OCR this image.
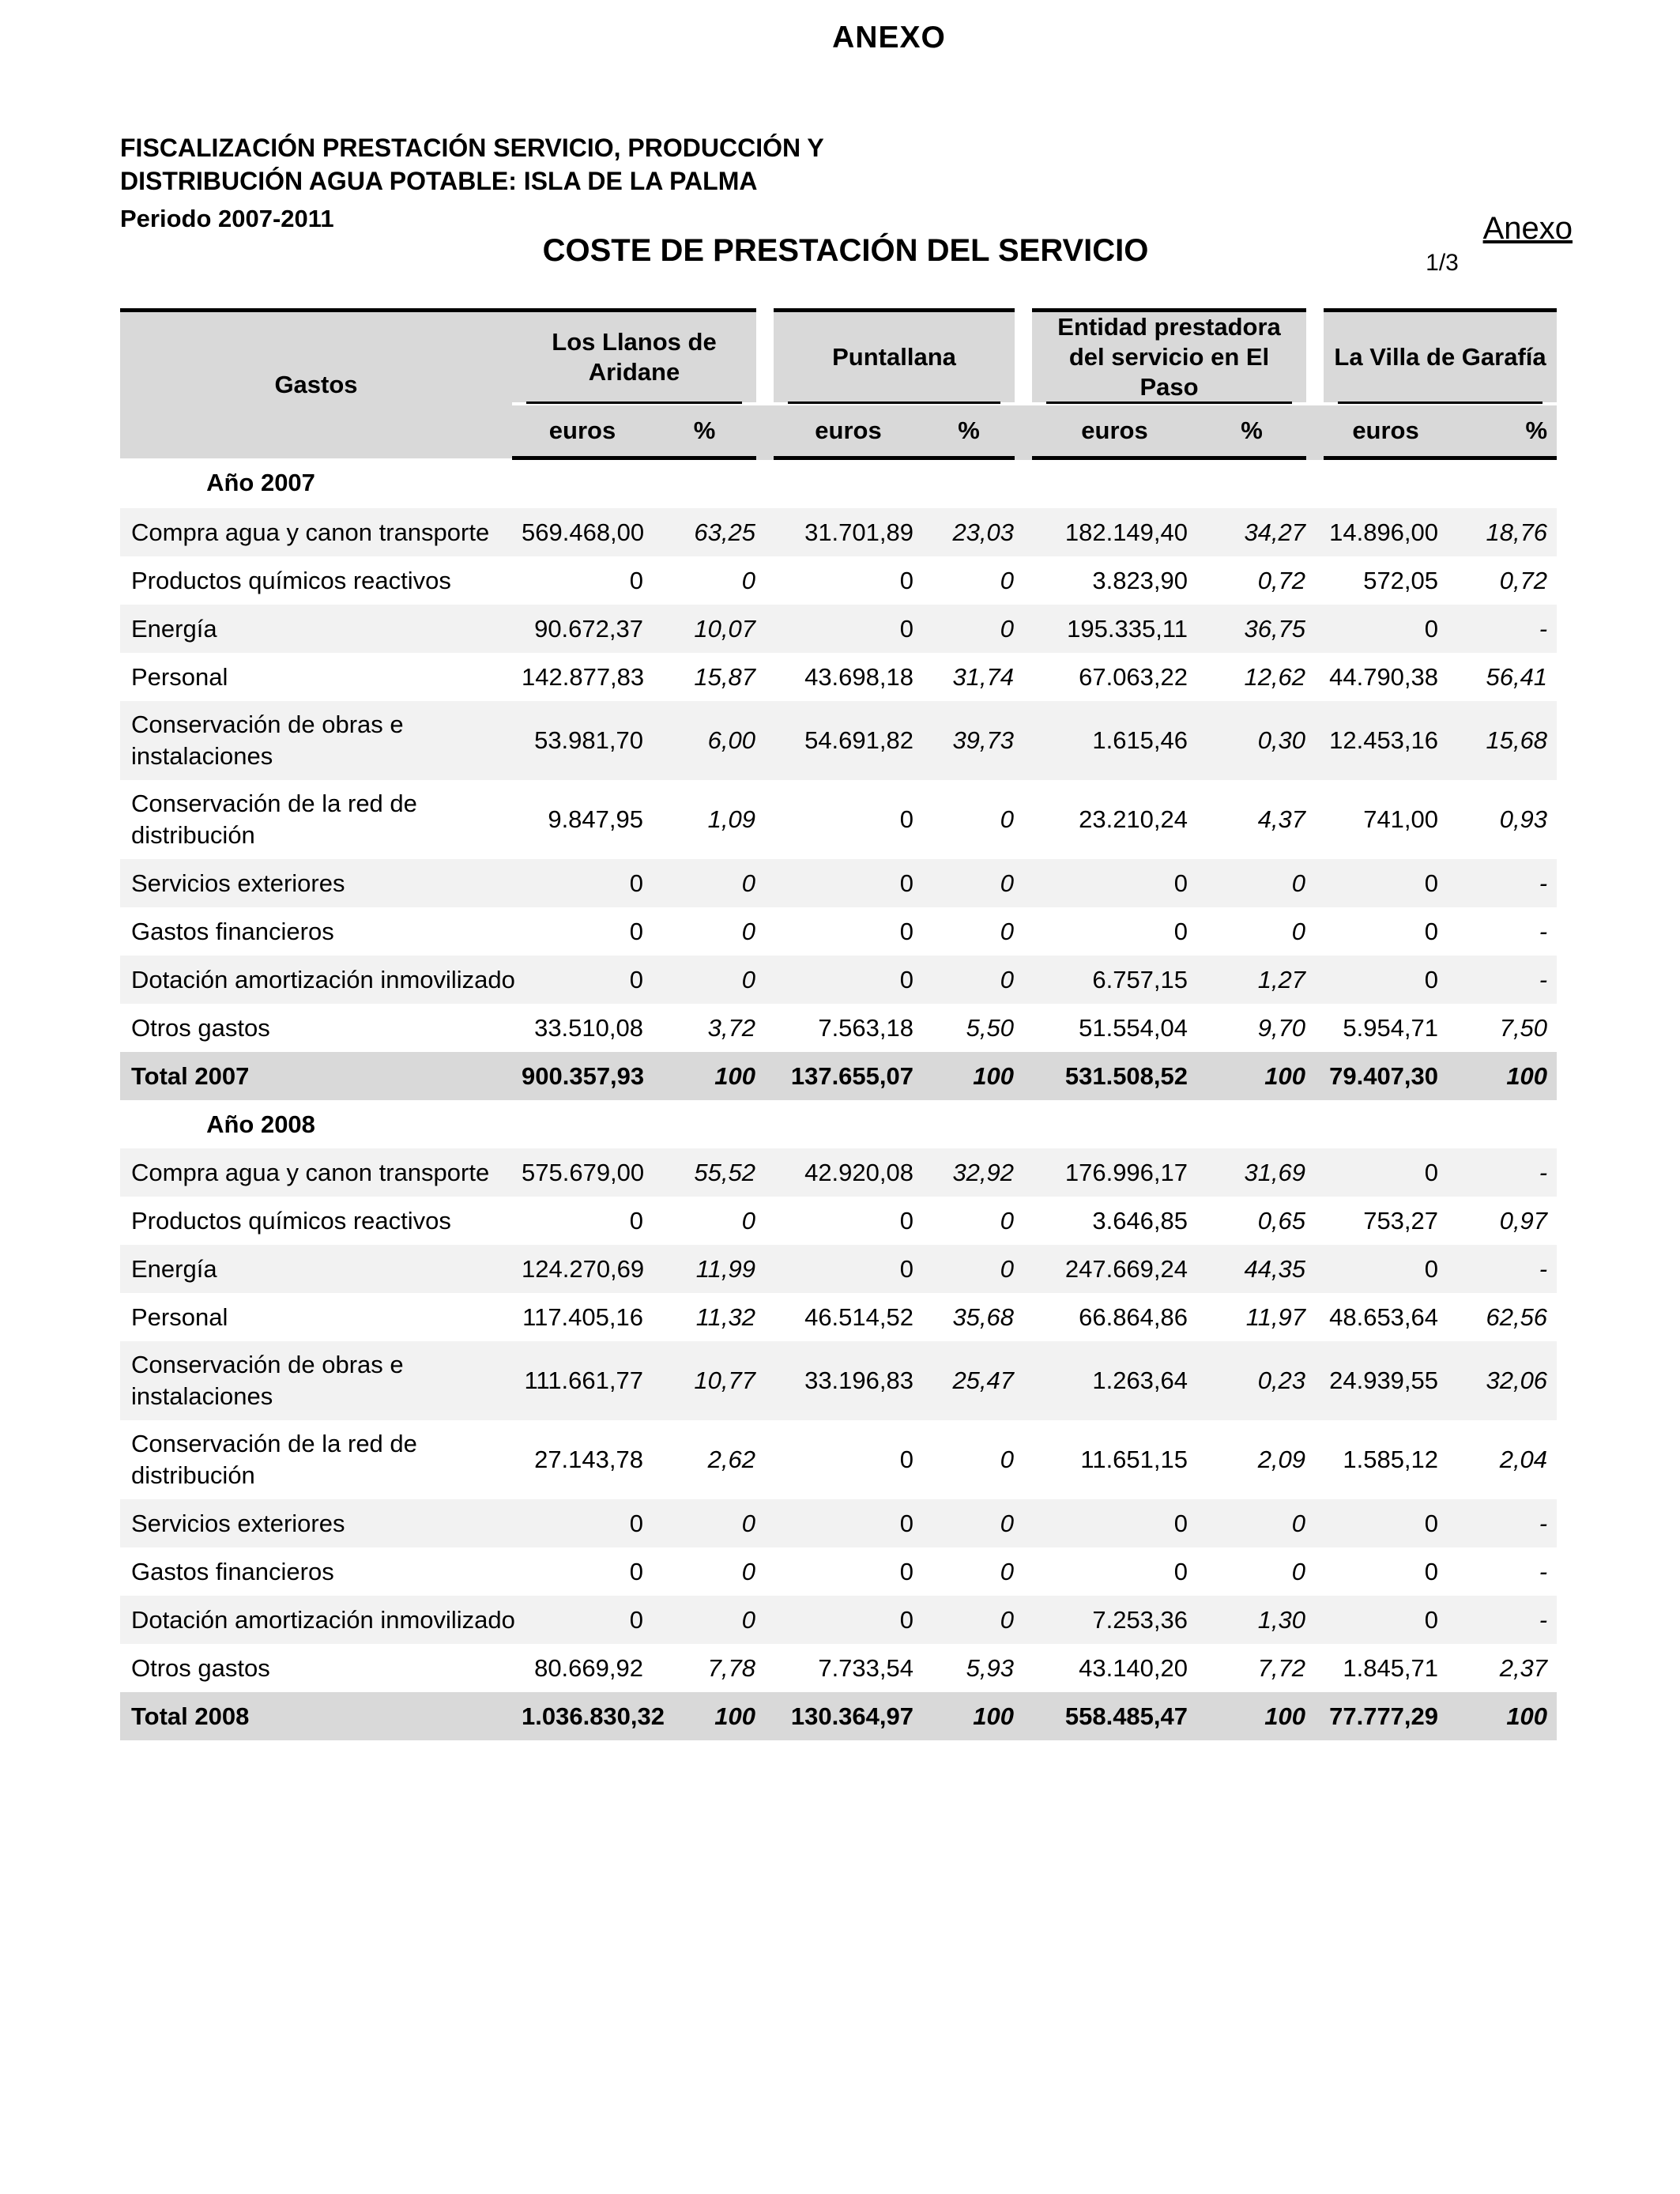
ANEXO
FISCALIZACIÓN PRESTACIÓN SERVICIO, PRODUCCIÓN Y
DISTRIBUCIÓN AGUA POTABLE: ISLA DE LA PALMA
Periodo 2007-2011
COSTE DE PRESTACIÓN DEL SERVICIO
Anexo
1/3
Gastos	Los Llanos de Aridane		Puntallana		Entidad prestadora del servicio en El Paso		La Villa de Garafía	

	euros	%	euros	%	euros	%	euros	%
Año 2007								
Compra agua y canon transporte	569.468,00	63,25	31.701,89	23,03	182.149,40	34,27	14.896,00	18,76
Productos químicos reactivos	0	0	0	0	3.823,90	0,72	572,05	0,72
Energía	90.672,37	10,07	0	0	195.335,11	36,75	0	-
Personal	142.877,83	15,87	43.698,18	31,74	67.063,22	12,62	44.790,38	56,41
Conservación de obras e instalaciones	53.981,70	6,00	54.691,82	39,73	1.615,46	0,30	12.453,16	15,68
Conservación de la red de distribución	9.847,95	1,09	0	0	23.210,24	4,37	741,00	0,93
Servicios exteriores	0	0	0	0	0	0	0	-
Gastos financieros	0	0	0	0	0	0	0	-
Dotación amortización inmovilizado	0	0	0	0	6.757,15	1,27	0	-
Otros gastos	33.510,08	3,72	7.563,18	5,50	51.554,04	9,70	5.954,71	7,50
Total 2007	900.357,93	100	137.655,07	100	531.508,52	100	79.407,30	100
Año 2008								
Compra agua y canon transporte	575.679,00	55,52	42.920,08	32,92	176.996,17	31,69	0	-
Productos químicos reactivos	0	0	0	0	3.646,85	0,65	753,27	0,97
Energía	124.270,69	11,99	0	0	247.669,24	44,35	0	-
Personal	117.405,16	11,32	46.514,52	35,68	66.864,86	11,97	48.653,64	62,56
Conservación de obras e instalaciones	111.661,77	10,77	33.196,83	25,47	1.263,64	0,23	24.939,55	32,06
Conservación de la red de distribución	27.143,78	2,62	0	0	11.651,15	2,09	1.585,12	2,04
Servicios exteriores	0	0	0	0	0	0	0	-
Gastos financieros	0	0	0	0	0	0	0	-
Dotación amortización inmovilizado	0	0	0	0	7.253,36	1,30	0	-
Otros gastos	80.669,92	7,78	7.733,54	5,93	43.140,20	7,72	1.845,71	2,37
Total 2008	1.036.830,32	100	130.364,97	100	558.485,47	100	77.777,29	100
